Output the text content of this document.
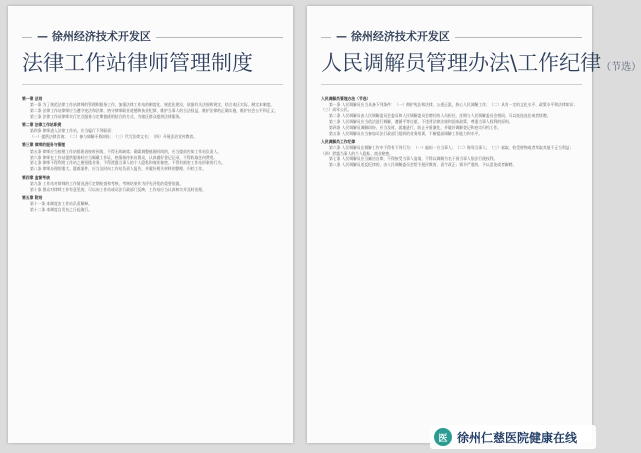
— 徐州经济技术开发区
法律工作站律师管理制度

第一章 总则

第一条 为了规范法律工作站律师的管理和服务工作，加强法律工作站的制度化、规范化建设，依据有关法规和规定，结合本区实际，制定本制度。

第二条 法律工作站律师应当遵守宪法和法律，恪守律师职业道德和执业纪律，维护当事人的合法权益，维护法律的正确实施，维护社会公平和正义。

第三条 法律工作站律师实行定点服务与定期值班相结合的方式，为辖区群众提供法律服务。

第二章 法律工作站职责

第四条 律师进入法律工作站，应当履行下列职责：

（一）提供法律咨询；（二）参与调解矛盾纠纷；（三）代写法律文书；（四）开展法治宣传教育。

第三章 律师的服务与管理

第五条 律师应当按照工作站排班表按时到岗，不得无故缺席；确需调整值班时间的，应当提前告知工作站负责人。

第六条 律师在工作站提供服务时应当佩戴工作证，热情接待来访群众，认真做好登记记录，不得收取任何费用。

第七条 律师不得利用工作站之便招揽业务，不得泄露当事人的个人隐私和商业秘密，不得有损害工作站形象的行为。

第八条 律师办理的重大、疑难案件，应当及时向工作站负责人报告，并做好相关材料的整理、归档工作。

第四章 监督考核

第九条 工作站对律师的工作情况进行定期检查和考核，考核结果作为评先评优的重要依据。

第十条 群众对律师工作有意见的，可以向工作站或司法行政部门反映，工作站应当认真核实并及时处理。

第五章 附则

第十一条 本制度由工作站负责解释。

第十二条 本制度自发布之日起施行。

— 徐州经济技术开发区
人民调解员管理办法\工作纪律（节选）

人民调解员管理办法（节选）

第一条 人民调解员应当具备下列条件：（一）拥护宪法和法律，公道正派，热心人民调解工作；（二）具有一定的文化水平、政策水平和法律知识；（三）成年公民。

第二条 人民调解员由人民调解委员会委员和人民调解委员会聘任的人员担任，任期与人民调解委员会相同，可以连选连任或者续聘。

第三条 人民调解员应当依法进行调解，遵循平等自愿、不违背法律法规和国家政策、尊重当事人权利的原则。

第四条 人民调解员调解纠纷，应当及时、就地进行，防止矛盾激化，并做好调解登记和卷宗归档工作。

第五条 人民调解员应当参加司法行政部门组织的业务培训，不断提高调解工作能力和水平。

人民调解员工作纪律

第六条 人民调解员在调解工作中不得有下列行为：（一）偏袒一方当事人；（二）侮辱当事人；（三）索取、收受财物或者牟取其他不正当利益；（四）泄露当事人的个人隐私、商业秘密。

第七条 人民调解员应当廉洁自律，不得接受当事人宴请，不得以调解为名干预当事人依法行使权利。

第八条 人民调解员违反纪律的，由人民调解委员会给予批评教育、责令改正；情节严重的，予以罢免或者解聘。

医 徐州仁慈医院健康在线
